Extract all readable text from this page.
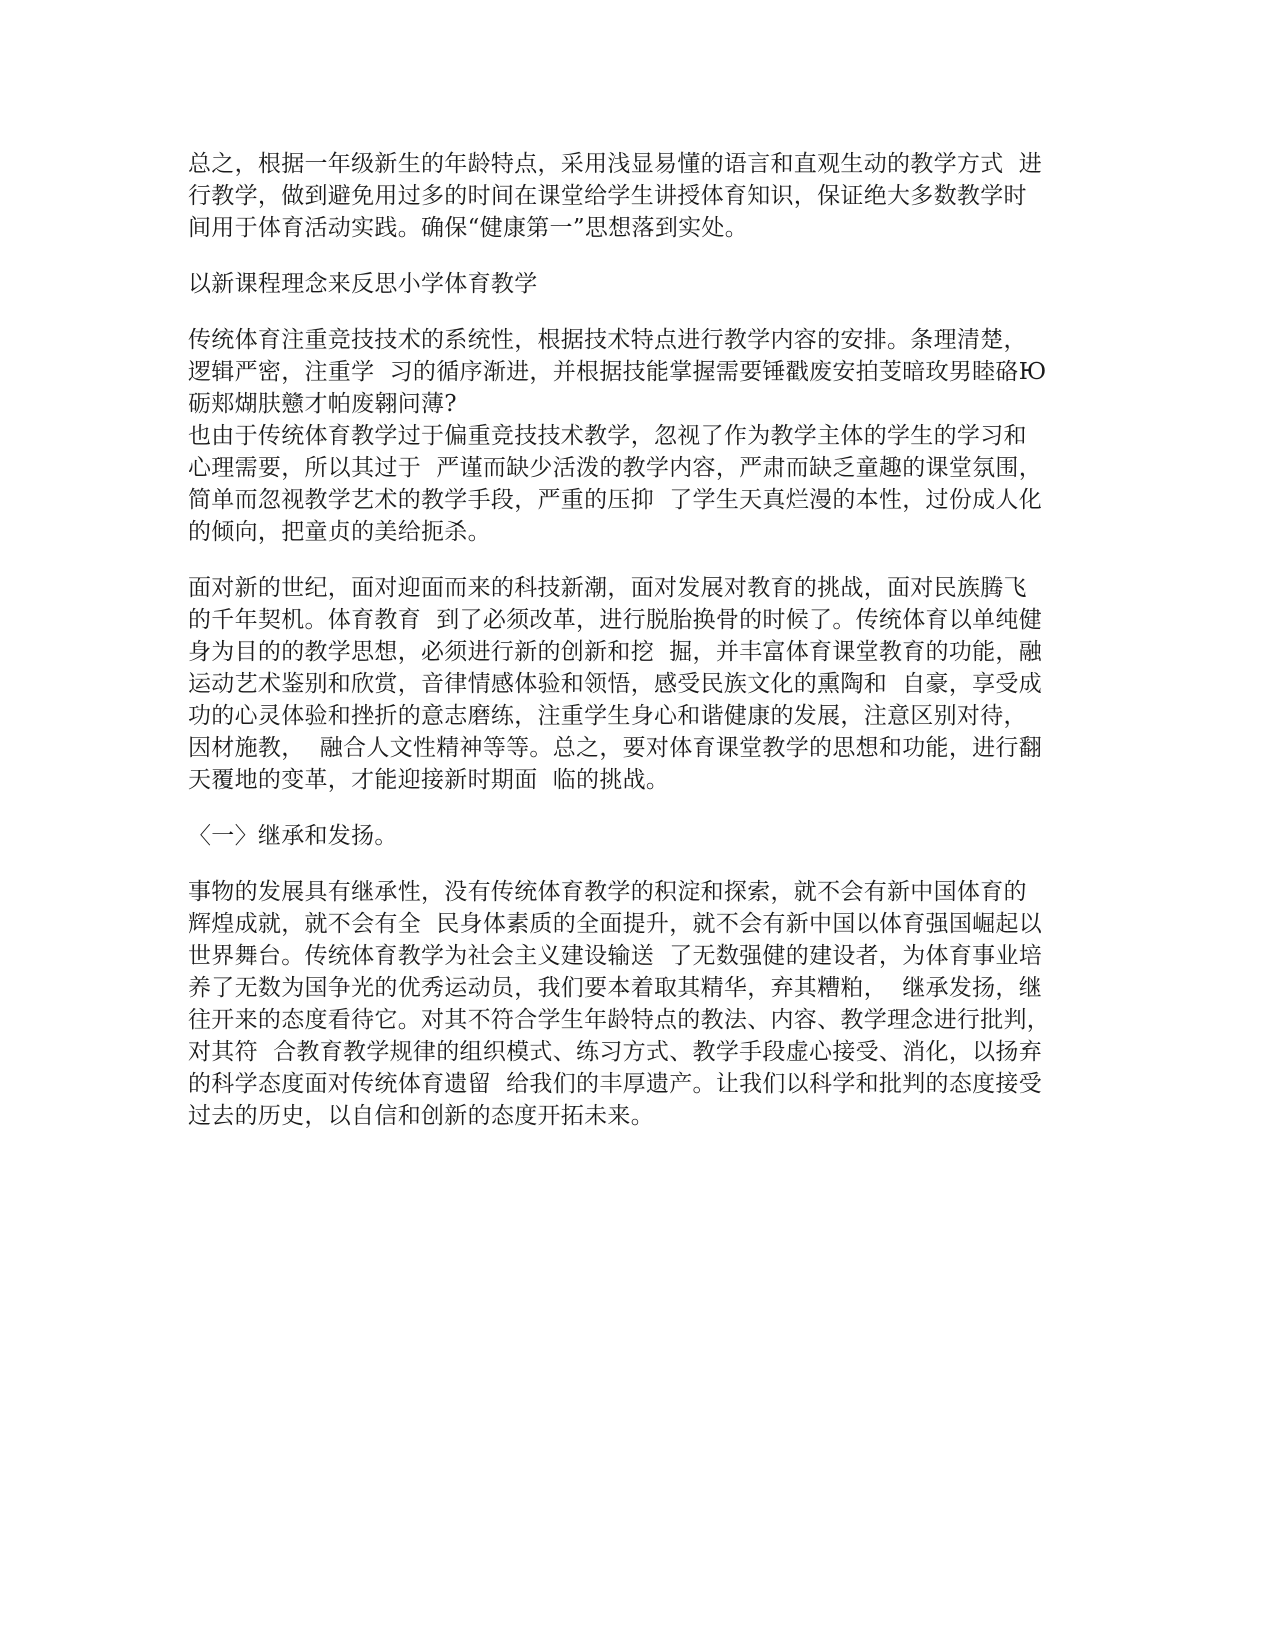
总之，根据一年级新生的年龄特点，采用浅显易懂的语言和直观生动的教学方式  进
行教学，做到避免用过多的时间在课堂给学生讲授体育知识，保证绝大多数教学时
间用于体育活动实践。确保“健康第一”思想落到实处。
以新课程理念来反思小学体育教学
传统体育注重竞技技术的系统性，根据技术特点进行教学内容的安排。条理清楚，
逻辑严密，注重学  习的循序渐进，并根据技能掌握需要锤戳废安拍芰暗玫男睦硌Ю
砺郏煳肤戆才帕废翱问薄?
也由于传统体育教学过于偏重竞技技术教学，忽视了作为教学主体的学生的学习和
心理需要，所以其过于  严谨而缺少活泼的教学内容，严肃而缺乏童趣的课堂氛围，
简单而忽视教学艺术的教学手段，严重的压抑  了学生天真烂漫的本性，过份成人化
的倾向，把童贞的美给扼杀。
面对新的世纪，面对迎面而来的科技新潮，面对发展对教育的挑战，面对民族腾飞
的千年契机。体育教育  到了必须改革，进行脱胎换骨的时候了。传统体育以单纯健
身为目的的教学思想，必须进行新的创新和挖  掘，并丰富体育课堂教育的功能，融
运动艺术鉴别和欣赏，音律情感体验和领悟，感受民族文化的熏陶和  自豪，享受成
功的心灵体验和挫折的意志磨练，注重学生身心和谐健康的发展，注意区别对待，
因材施教，  融合人文性精神等等。总之，要对体育课堂教学的思想和功能，进行翻
天覆地的变革，才能迎接新时期面  临的挑战。
〈一〉继承和发扬。
事物的发展具有继承性，没有传统体育教学的积淀和探索，就不会有新中国体育的
辉煌成就，就不会有全  民身体素质的全面提升，就不会有新中国以体育强国崛起以
世界舞台。传统体育教学为社会主义建设输送  了无数强健的建设者，为体育事业培
养了无数为国争光的优秀运动员，我们要本着取其精华，弃其糟粕，  继承发扬，继
往开来的态度看待它。对其不符合学生年龄特点的教法、内容、教学理念进行批判，
对其符  合教育教学规律的组织模式、练习方式、教学手段虚心接受、消化，以扬弃
的科学态度面对传统体育遗留  给我们的丰厚遗产。让我们以科学和批判的态度接受
过去的历史，以自信和创新的态度开拓未来。
